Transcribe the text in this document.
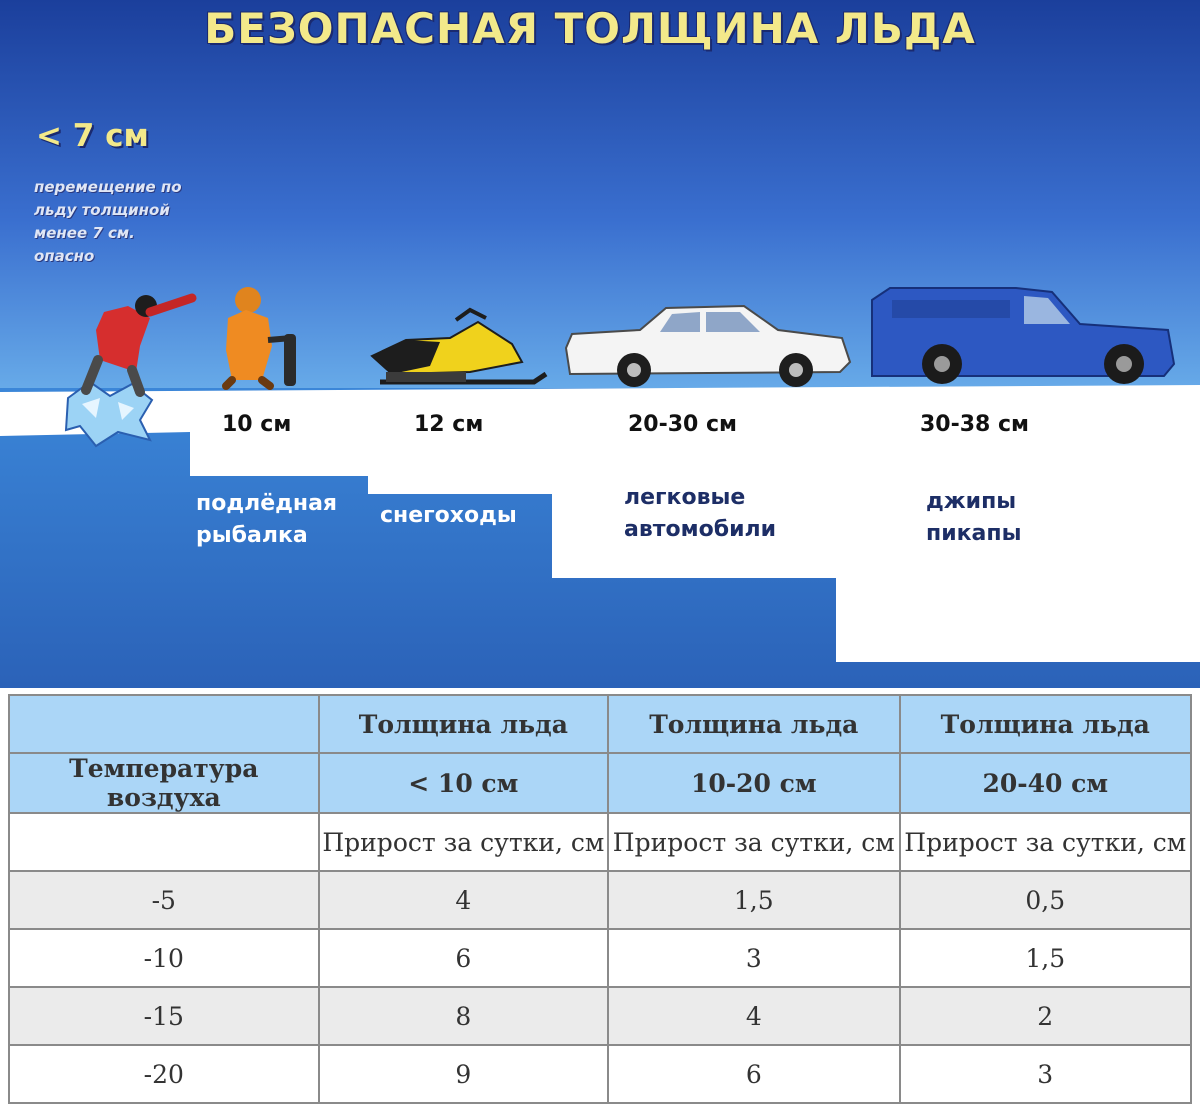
БЕЗОПАСНАЯ ТОЛЩИНА ЛЬДА
< 7 см
перемещение по
льду толщиной
менее 7 см.
опасно
10 см	12 см	20-30 см	30-38 см
подлёдная
рыбалка
снегоходы
легковые
автомобили
джипы
пикапы
	Толщина льда	Толщина льда	Толщина льда
Температура воздуха	< 10 см	10-20 см	20-40 см
	Прирост за сутки, см	Прирост за сутки, см	Прирост за сутки, см
-5	4	1,5	0,5
-10	6	3	1,5
-15	8	4	2
-20	9	6	3
